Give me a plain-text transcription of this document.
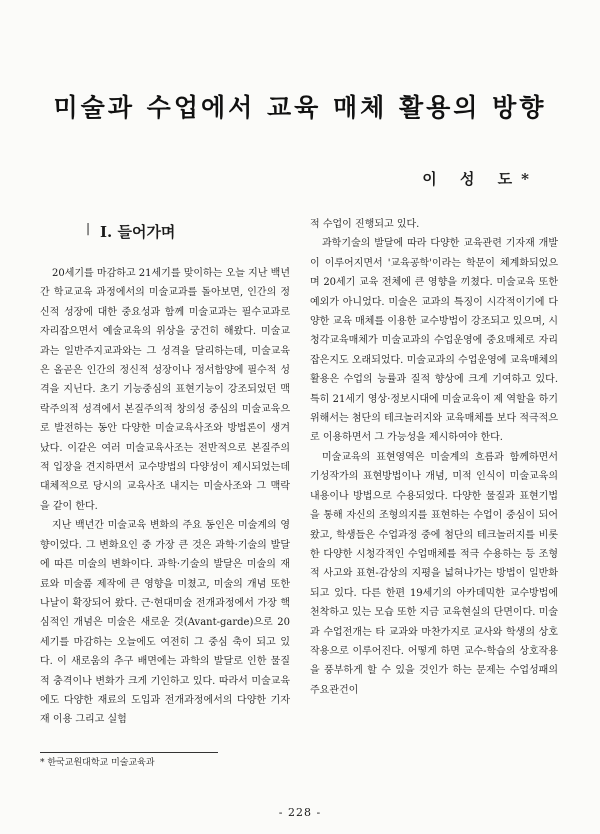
미술과 수업에서 교육 매체 활용의 방향
이 성 도*
| Ⅰ. 들어가며

20세기를 마감하고 21세기를 맞이하는 오늘 지난 백년간 학교교육 과정에서의 미술교과를 돌아보면, 인간의 정신적 성장에 대한 중요성과 함께 미술교과는 필수교과로 자리잡으면서 예술교육의 위상을 궁건히 해왔다. 미술교과는 일반주지교과와는 그 성격을 달리하는데, 미술교육은 올곧은 인간의 정신적 성장이나 정서함양에 필수적 성격을 지닌다. 초기 기능중심의 표현기능이 강조되었던 맥락주의적 성격에서 본질주의적 창의성 중심의 미술교육으로 발전하는 동안 다양한 미술교육사조와 방법론이 생겨났다. 이같은 여러 미술교육사조는 전반적으로 본질주의적 입장을 견지하면서 교수방법의 다양성이 제시되었는데 대체적으로 당시의 교육사조 내지는 미술사조와 그 맥락을 같이 한다.

지난 백년간 미술교육 변화의 주요 동인은 미술계의 영향이었다. 그 변화요인 중 가장 큰 것은 과학·기술의 발달에 따른 미술의 변화이다. 과학·기술의 발달은 미술의 재료와 미술품 제작에 큰 영향을 미쳤고, 미술의 개념 또한 나날이 확장되어 왔다. 근·현대미술 전개과정에서 가장 핵심적인 개념은 미술은 새로운 것(Avant-garde)으로 20세기를 마감하는 오늘에도 여전히 그 중심 축이 되고 있다. 이 새로움의 추구 배면에는 과학의 발달로 인한 물질적 충격이나 변화가 크게 기인하고 있다. 따라서 미술교육에도 다양한 재료의 도입과 전개과정에서의 다양한 기자재 이용 그리고 실험

적 수업이 진행되고 있다.

과학기술의 발달에 따라 다양한 교육관련 기자재 개발이 이루어지면서 '교육공학'이라는 학문이 체계화되었으며 20세기 교육 전체에 큰 영향을 끼쳤다. 미술교육 또한 예외가 아니었다. 미술은 교과의 특징이 시각적이기에 다양한 교육 매체를 이용한 교수방법이 강조되고 있으며, 시청각교육매체가 미술교과의 수업운영에 중요매체로 자리잡은지도 오래되었다. 미술교과의 수업운영에 교육매체의 활용은 수업의 능률과 질적 향상에 크게 기여하고 있다. 특히 21세기 영상·정보시대에 미술교육이 제 역할을 하기 위해서는 첨단의 테크놀러지와 교육매체를 보다 적극적으로 이용하면서 그 가능성을 제시하여야 한다.

미술교육의 표현영역은 미술계의 흐름과 함께하면서 기성작가의 표현방법이나 개념, 미적 인식이 미술교육의 내용이나 방법으로 수용되었다. 다양한 물질과 표현기법을 통해 자신의 조형의지를 표현하는 수업이 중심이 되어왔고, 학생들은 수업과정 중에 첨단의 테크놀러지를 비롯한 다양한 시청각적인 수업매체를 적극 수용하는 등 조형적 사고와 표현-감상의 지평을 넓혀나가는 방법이 일반화되고 있다. 다른 한편 19세기의 아카데믹한 교수방법에 천착하고 있는 모습 또한 지금 교육현실의 단면이다. 미술과 수업전개는 타 교과와 마찬가지로 교사와 학생의 상호작용으로 이루어진다. 어떻게 하면 교수-학습의 상호작용을 풍부하게 할 수 있을 것인가 하는 문제는 수업성패의 주요관건이

* 한국교원대학교 미술교육과
- 228 -
